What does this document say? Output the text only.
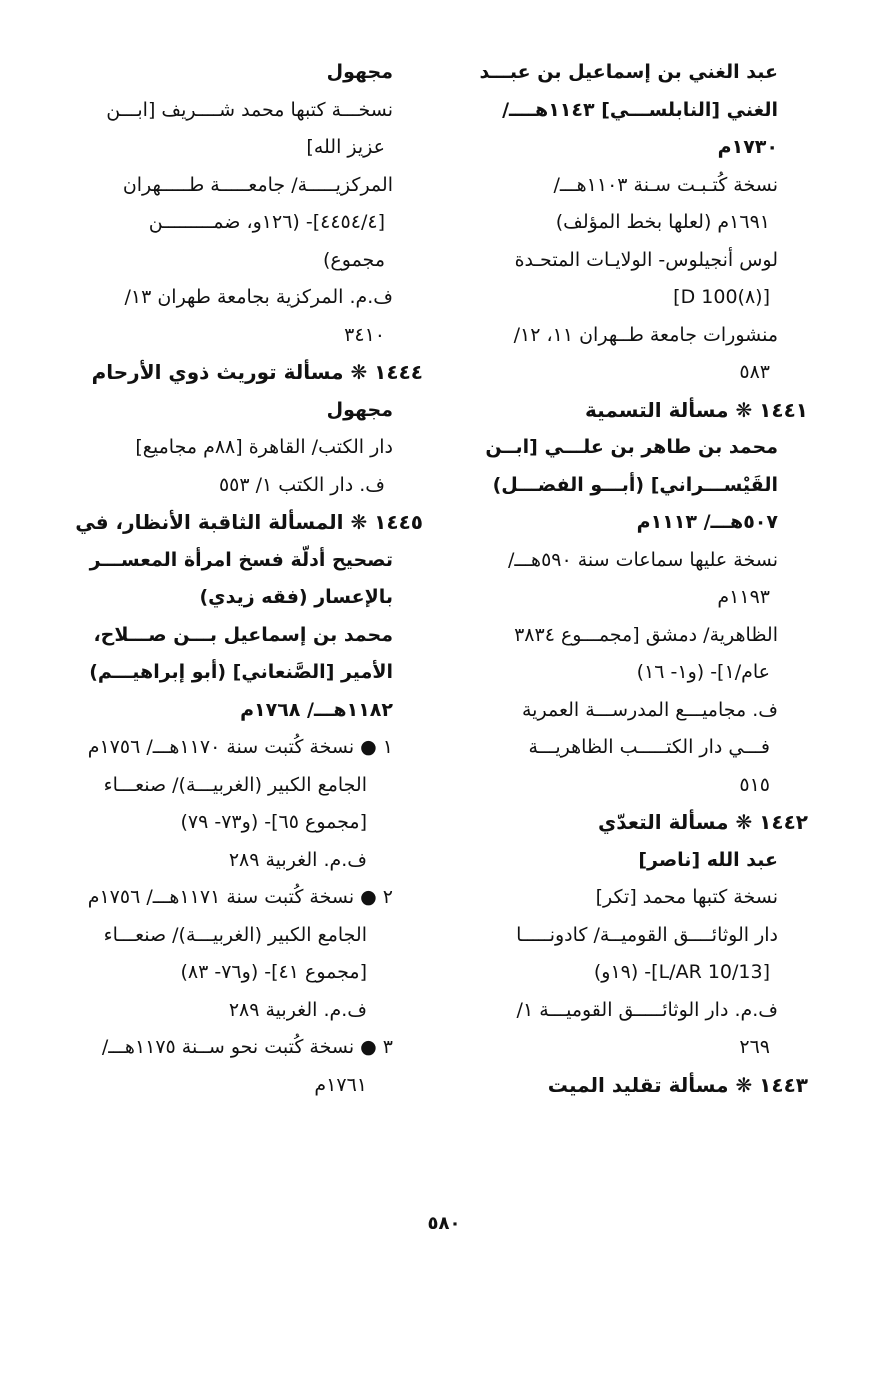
عبد الغني بن إسماعيل بن عبـــد
الغني [النابلســـي] ١١٤٣هــــ/
١٧٣٠م
نسخة كُتـبـت سـنة ١١٠٣هـــ/
١٦٩١م (لعلها بخط المؤلف)
لوس أنجيلوس- الولايـات المتحـدة
[(٨)D 100]
منشورات جامعة طــهران ١١، ١٢/
٥٨٣
١٤٤١ ❋ مسألة التسمية
محمد بن طاهر بن علـــي [ابــن
القَيْســـراني] (أبـــو الفضـــل)
٥٠٧هـــ/ ١١١٣م
نسخة عليها سماعات سنة ٥٩٠هـــ/
١١٩٣م
الظاهرية/ دمشق [مجمـــوع ٣٨٣٤
عام/١]- (و١- ١٦)
ف. مجاميـــع المدرســـة العمرية
فـــي دار الكتـــــب الظاهريـــة
٥١٥
١٤٤٢ ❋ مسألة التعدّي
عبد الله [ناصر]
نسخة كتبها محمد [تكر]
دار الوثائــــق القوميــة/ كادونـــــا
[L/AR 10/13]- (١٩و)
ف.م. دار الوثائـــــق القوميـــة ١/
٢٦٩
١٤٤٣ ❋ مسألة تقليد الميت
مجهول
نسخـــة كتبها محمد شــــريف [ابـــن
عزيز الله]
المركزيـــــة/ جامعـــــة طـــــهران
[٤٤٥٤/٤]- (١٢٦و، ضمـــــــــن
مجموع)
ف.م. المركزية بجامعة طهران ١٣/
٣٤١٠
١٤٤٤ ❋ مسألة توريث ذوي الأرحام
مجهول
دار الكتب/ القاهرة [٨٨م مجاميع]
ف. دار الكتب ١/ ٥٥٣
١٤٤٥ ❋ المسألة الثاقبة الأنظار، في
تصحيح أدلّة فسخ امرأة المعســـر
بالإعسار (فقه زيدي)
محمد بن إسماعيل بـــن صـــلاح،
الأمير [الصَّنعاني] (أبو إبراهيـــم)
١١٨٢هـــ/ ١٧٦٨م
١ ● نسخة كُتبت سنة ١١٧٠هـــ/ ١٧٥٦م
الجامع الكبير (الغربيـــة)/ صنعـــاء
[مجموع ٦٥]- (و٧٣- ٧٩)
ف.م. الغربية ٢٨٩
٢ ● نسخة كُتبت سنة ١١٧١هـــ/ ١٧٥٦م
الجامع الكبير (الغربيـــة)/ صنعـــاء
[مجموع ٤١]- (و٧٦- ٨٣)
ف.م. الغربية ٢٨٩
٣ ● نسخة كُتبت نحو ســنة ١١٧٥هـــ/
١٧٦١م
٥٨٠
